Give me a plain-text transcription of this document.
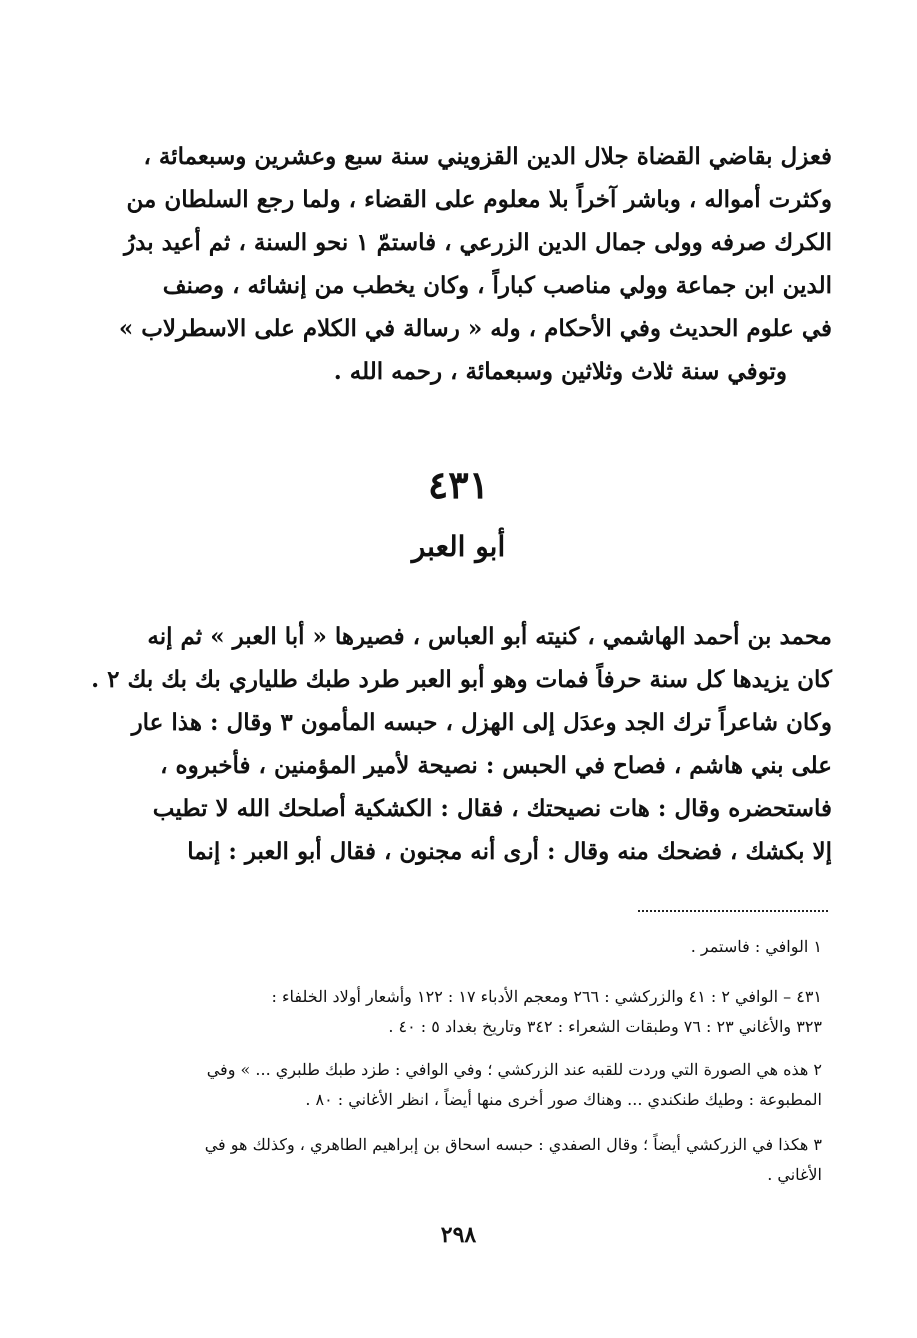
فعزل بقاضي القضاة جلال الدين القزويني سنة سبع وعشرين وسبعمائة ،
وكثرت أمواله ، وباشر آخراً بلا معلوم على القضاء ، ولما رجع السلطان من
الكرك صرفه وولى جمال الدين الزرعي ، فاستمّ ١ نحو السنة ، ثم أعيد بدرُ
الدين ابن جماعة وولي مناصب كباراً ، وكان يخطب من إنشائه ، وصنف
في علوم الحديث وفي الأحكام ، وله « رسالة في الكلام على الاسطرلاب »
وتوفي سنة ثلاث وثلاثين وسبعمائة ، رحمه الله .
٤٣١
أبو العبر
محمد بن أحمد الهاشمي ، كنيته أبو العباس ، فصيرها « أبا العبر » ثم إنه
كان يزيدها كل سنة حرفاً فمات وهو أبو العبر طرد طبك طلياري بك بك بك ٢ .
وكان شاعراً ترك الجد وعدَل إلى الهزل ، حبسه المأمون ٣ وقال : هذا عار
على بني هاشم ، فصاح في الحبس : نصيحة لأمير المؤمنين ، فأخبروه ،
فاستحضره وقال : هات نصيحتك ، فقال : الكشكية أصلحك الله لا تطيب
إلا بكشك ، فضحك منه وقال : أرى أنه مجنون ، فقال أبو العبر : إنما
١ الوافي : فاستمر .
٤٣١ – الوافي ٢ : ٤١ والزركشي : ٢٦٦ ومعجم الأدباء ١٧ : ١٢٢ وأشعار أولاد الخلفاء :
٣٢٣ والأغاني ٢٣ : ٧٦ وطبقات الشعراء : ٣٤٢ وتاريخ بغداد ٥ : ٤٠ .
٢ هذه هي الصورة التي وردت للقبه عند الزركشي ؛ وفي الوافي : طزد طبك طلبري ... » وفي
المطبوعة : وطيك طنكندي ... وهناك صور أخرى منها أيضاً ، انظر الأغاني : ٨٠ .
٣ هكذا في الزركشي أيضاً ؛ وقال الصفدي : حبسه اسحاق بن إبراهيم الطاهري ، وكذلك هو في
الأغاني .
٢٩٨
